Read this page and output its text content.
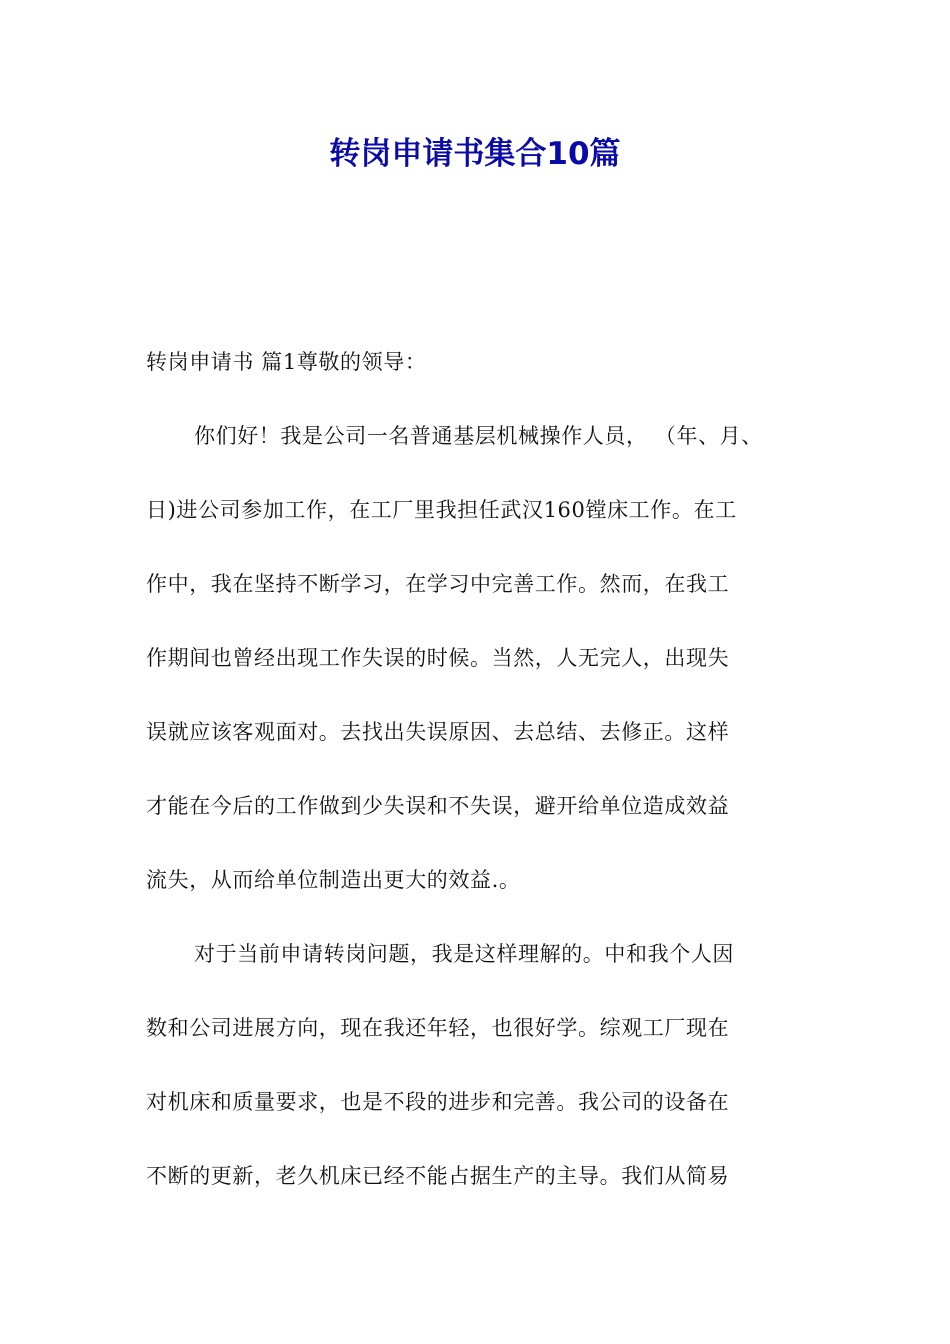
转岗申请书集合10篇

转岗申请书 篇1尊敬的领导：

你们好！我是公司一名普通基层机械操作人员， （年、月、

日)进公司参加工作，在工厂里我担任武汉160镗床工作。在工

作中，我在坚持不断学习，在学习中完善工作。然而，在我工

作期间也曾经出现工作失误的时候。当然，人无完人，出现失

误就应该客观面对。去找出失误原因、去总结、去修正。这样

才能在今后的工作做到少失误和不失误，避开给单位造成效益

流失，从而给单位制造出更大的效益.。

对于当前申请转岗问题，我是这样理解的。中和我个人因

数和公司进展方向，现在我还年轻，也很好学。综观工厂现在

对机床和质量要求，也是不段的进步和完善。我公司的设备在

不断的更新，老久机床已经不能占据生产的主导。我们从简易
